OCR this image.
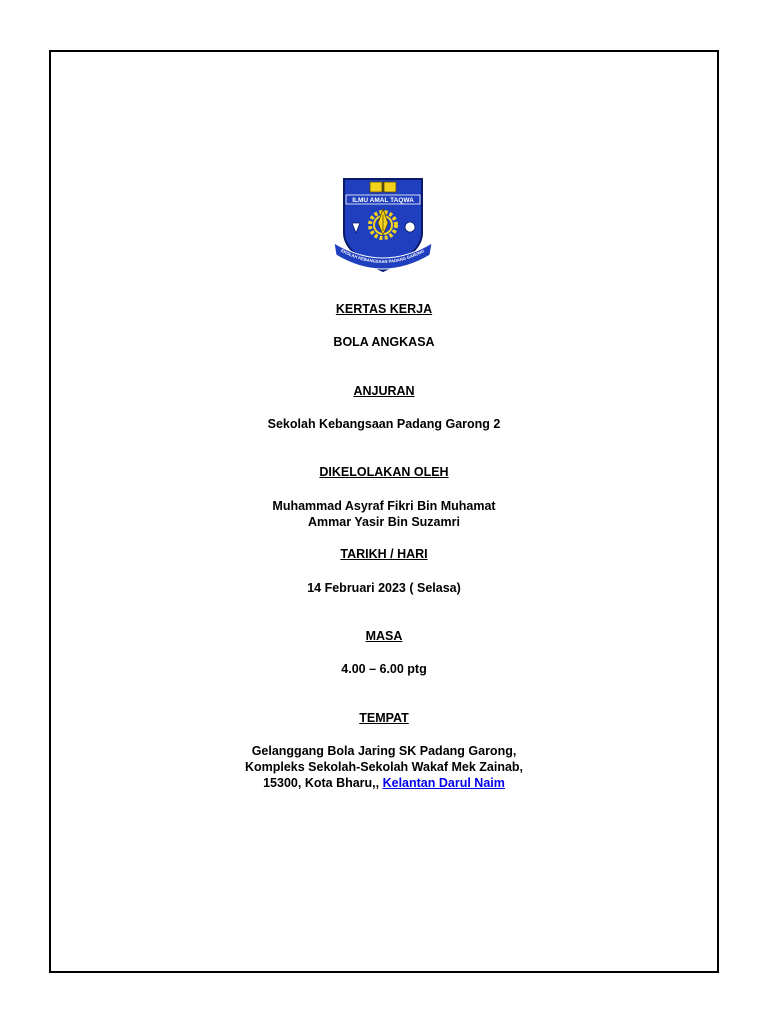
ILMU AMAL TAQWA
EKOLAH KEBANGSAAN PADANG GARONG
KERTAS KERJA
BOLA ANGKASA
ANJURAN
Sekolah Kebangsaan Padang Garong 2
DIKELOLAKAN OLEH
Muhammad Asyraf Fikri Bin Muhamat
Ammar Yasir Bin Suzamri
TARIKH / HARI
14 Februari 2023 ( Selasa)
MASA
4.00 – 6.00 ptg
TEMPAT
Gelanggang Bola Jaring SK Padang Garong,
Kompleks Sekolah-Sekolah Wakaf Mek Zainab,
15300, Kota Bharu,, Kelantan Darul Naim
